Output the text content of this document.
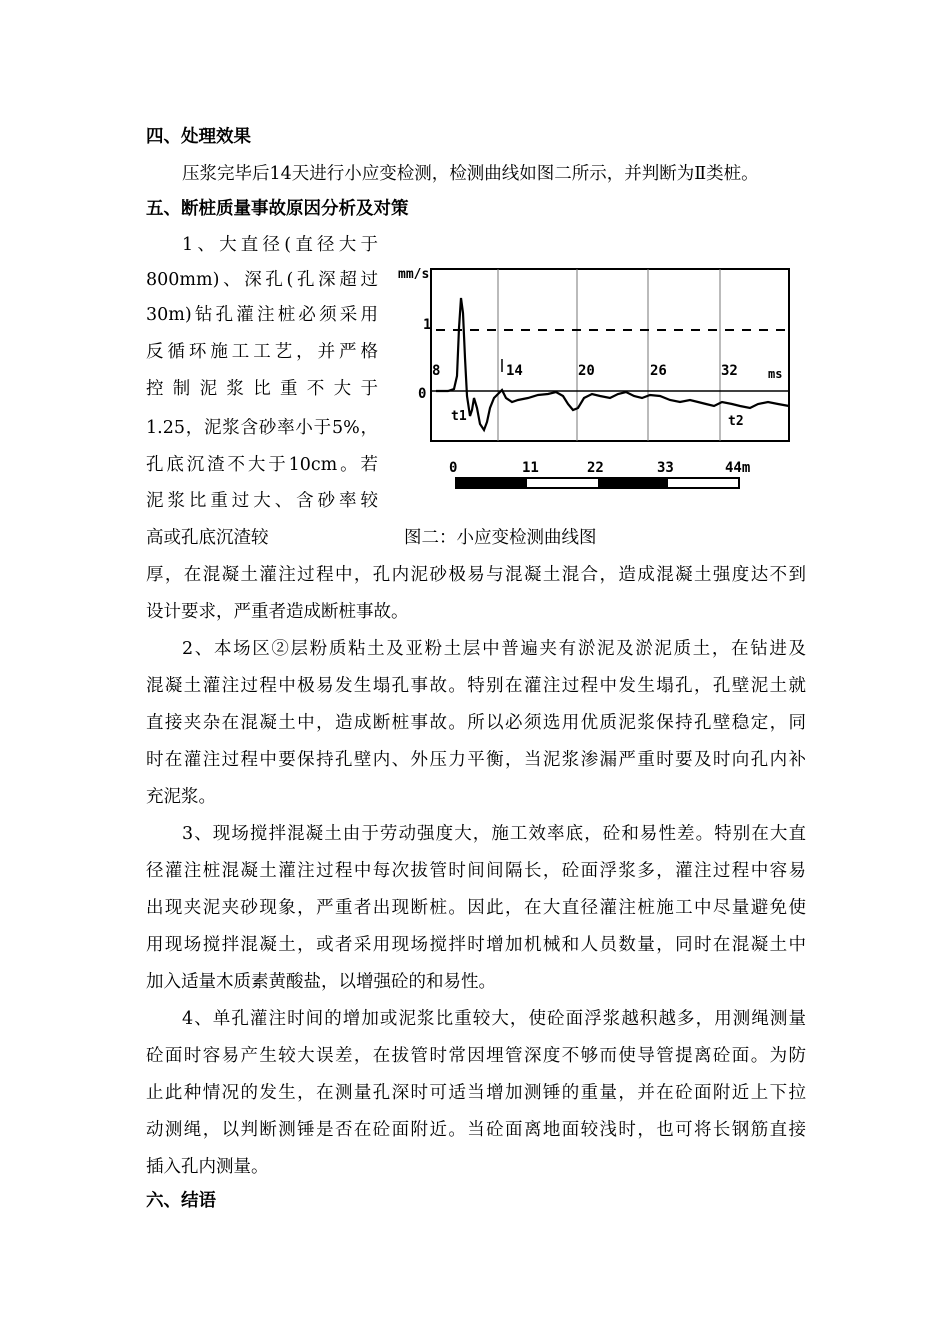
四、处理效果
压浆完毕后14天进行小应变检测，检测曲线如图二所示，并判断为Ⅱ类桩。
五、断桩质量事故原因分析及对策
1、大直径(直径大于
800mm)、深孔(孔深超过
30m)钻孔灌注桩必须采用
反循环施工工艺，并严格
控制泥浆比重不大于
1.25，泥浆含砂率小于5%，
孔底沉渣不大于10cm。若
泥浆比重过大、含砂率较
高或孔底沉渣较
mm/s
1
0
8	14	20	26	32	ms
t1	t2
0	11	22	33	44m
图二：小应变检测曲线图
厚，在混凝土灌注过程中，孔内泥砂极易与混凝土混合，造成混凝土强度达不到
设计要求，严重者造成断桩事故。
2、本场区②层粉质粘土及亚粉土层中普遍夹有淤泥及淤泥质土，在钻进及
混凝土灌注过程中极易发生塌孔事故。特别在灌注过程中发生塌孔，孔壁泥土就
直接夹杂在混凝土中，造成断桩事故。所以必须选用优质泥浆保持孔壁稳定，同
时在灌注过程中要保持孔壁内、外压力平衡，当泥浆渗漏严重时要及时向孔内补
充泥浆。
3、现场搅拌混凝土由于劳动强度大，施工效率底，砼和易性差。特别在大直
径灌注桩混凝土灌注过程中每次拔管时间间隔长，砼面浮浆多，灌注过程中容易
出现夹泥夹砂现象，严重者出现断桩。因此，在大直径灌注桩施工中尽量避免使
用现场搅拌混凝土，或者采用现场搅拌时增加机械和人员数量，同时在混凝土中
加入适量木质素黄酸盐，以增强砼的和易性。
4、单孔灌注时间的增加或泥浆比重较大，使砼面浮浆越积越多，用测绳测量
砼面时容易产生较大误差，在拔管时常因埋管深度不够而使导管提离砼面。为防
止此种情况的发生，在测量孔深时可适当增加测锤的重量，并在砼面附近上下拉
动测绳，以判断测锤是否在砼面附近。当砼面离地面较浅时，也可将长钢筋直接
插入孔内测量。
六、结语
